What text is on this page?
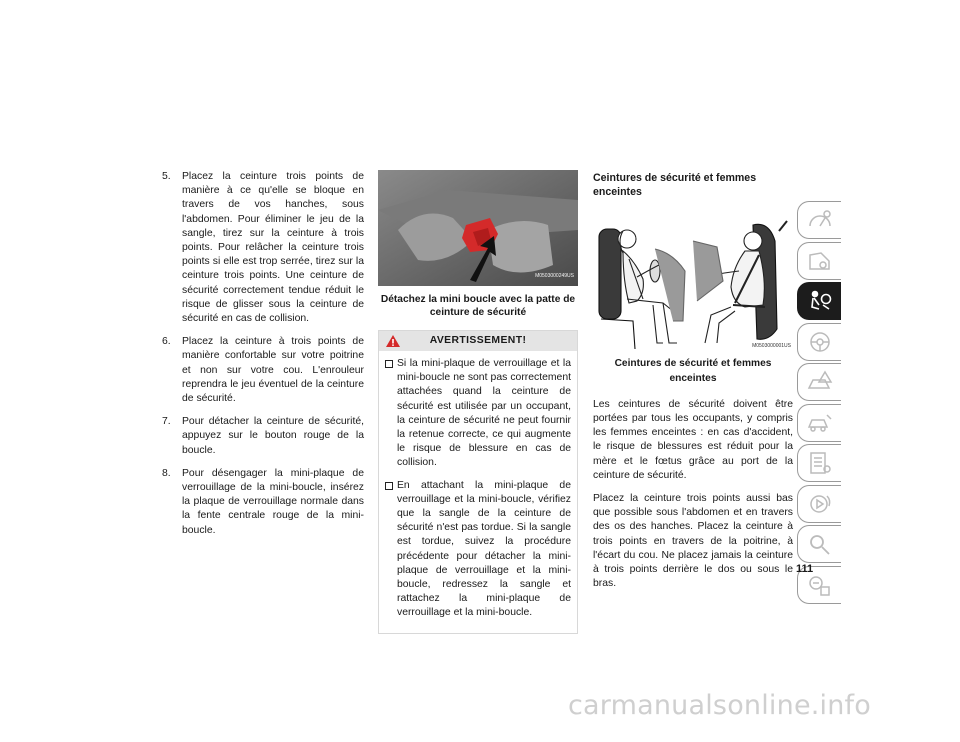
5. Placez la ceinture trois points de manière à ce qu'elle se bloque en travers de vos hanches, sous l'abdomen. Pour éliminer le jeu de la sangle, tirez sur la ceinture à trois points. Pour relâcher la ceinture trois points si elle est trop serrée, tirez sur la ceinture trois points. Une ceinture de sécurité correctement tendue réduit le risque de glisser sous la ceinture de sécurité en cas de collision.
6. Placez la ceinture à trois points de manière confortable sur votre poitrine et non sur votre cou. L'enrouleur reprendra le jeu éventuel de la ceinture de sécurité.
7. Pour détacher la ceinture de sécurité, appuyez sur le bouton rouge de la boucle.
8. Pour désengager la mini-plaque de verrouillage de la mini-boucle, insérez la plaque de verrouillage normale dans la fente centrale rouge de la mini-boucle.
M0503000249US
Détachez la mini boucle avec la patte de ceinture de sécurité
AVERTISSEMENT!
Si la mini-plaque de verrouillage et la mini-boucle ne sont pas correctement attachées quand la ceinture de sécurité est utilisée par un occupant, la ceinture de sécurité ne peut fournir la retenue correcte, ce qui augmente le risque de blessure en cas de collision.
En attachant la mini-plaque de verrouillage et la mini-boucle, vérifiez que la sangle de la ceinture de sécurité n'est pas tordue. Si la sangle est tordue, suivez la procédure précédente pour détacher la mini-plaque de verrouillage et la mini-boucle, redressez la sangle et rattachez la mini-plaque de verrouillage et la mini-boucle.
Ceintures de sécurité et femmes enceintes
M0503000001US
Ceintures de sécurité et femmes enceintes

Les ceintures de sécurité doivent être portées par tous les occupants, y compris les femmes enceintes : en cas d'accident, le risque de blessures est réduit pour la mère et le fœtus grâce au port de la ceinture de sécurité.

Placez la ceinture trois points aussi bas que possible sous l'abdomen et en travers des os des hanches. Placez la ceinture à trois points en travers de la poitrine, à l'écart du cou. Ne placez jamais la ceinture à trois points derrière le dos ou sous le bras.

111
carmanualsonline.info
